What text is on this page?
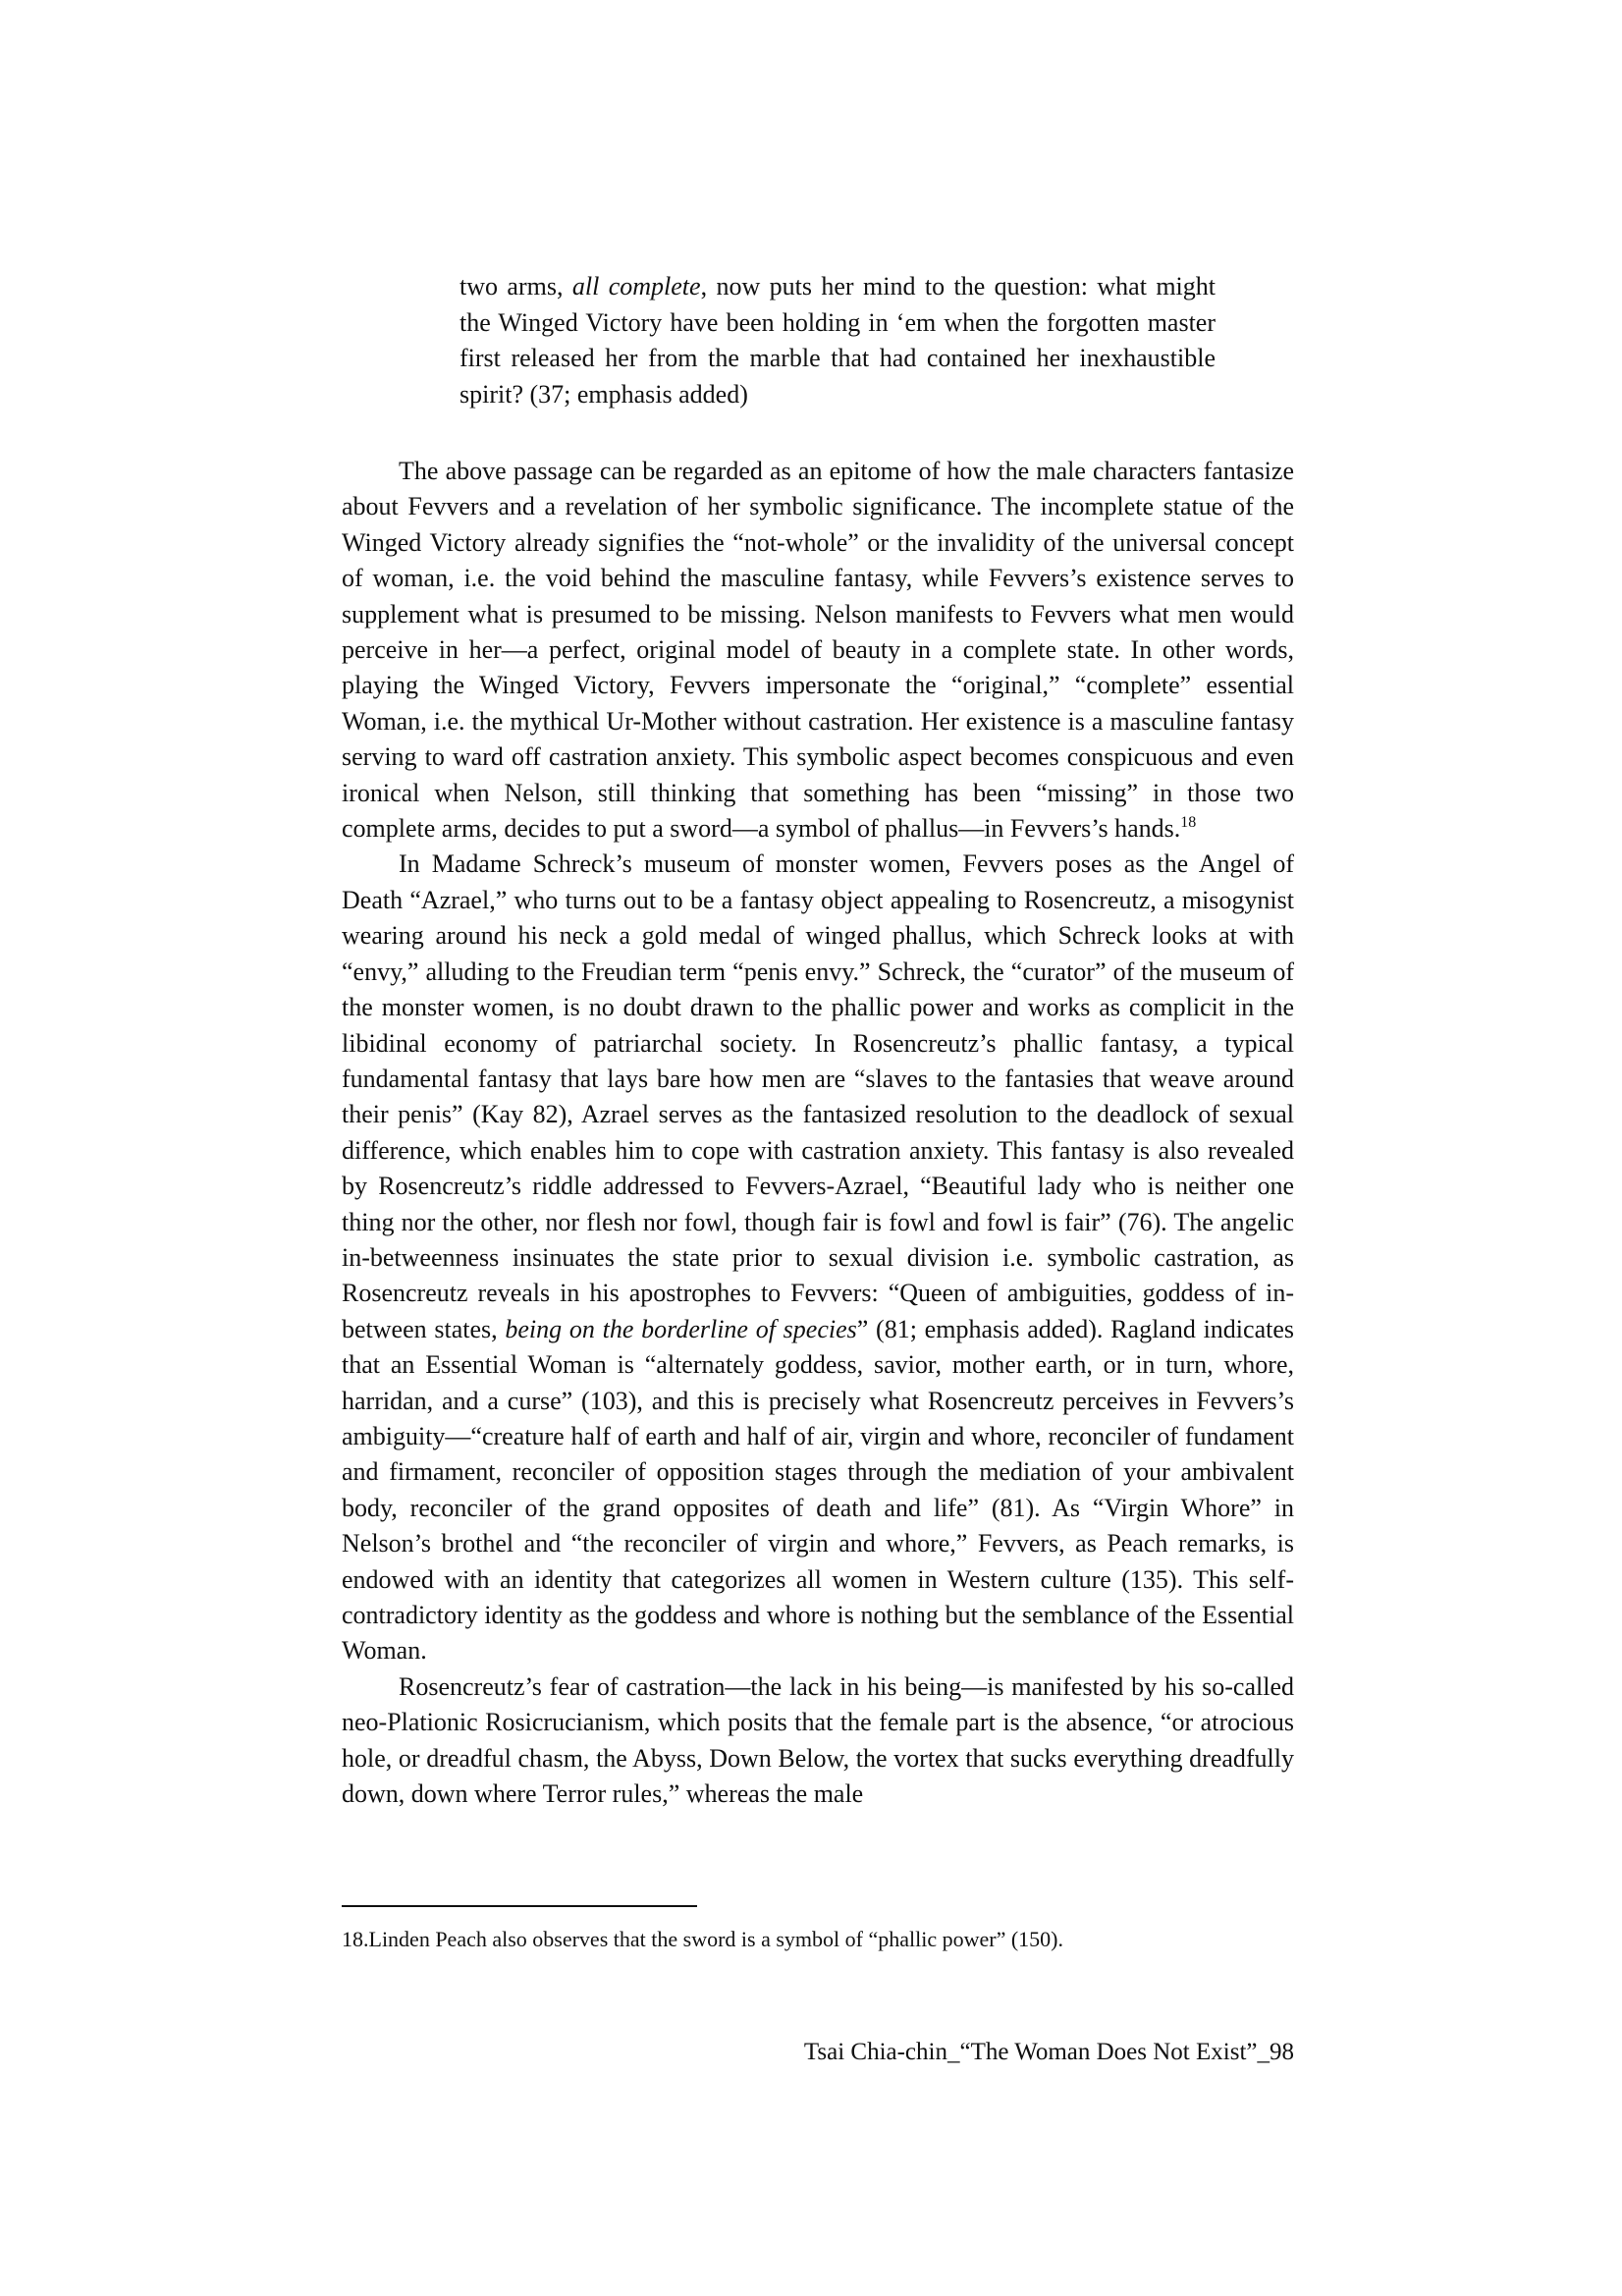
two arms, all complete, now puts her mind to the question: what might the Winged Victory have been holding in ‘em when the forgotten master first released her from the marble that had contained her inexhaustible spirit? (37; emphasis added)

The above passage can be regarded as an epitome of how the male characters fantasize about Fevvers and a revelation of her symbolic significance. The incomplete statue of the Winged Victory already signifies the “not-whole” or the invalidity of the universal concept of woman, i.e. the void behind the masculine fantasy, while Fevvers’s existence serves to supplement what is presumed to be missing. Nelson manifests to Fevvers what men would perceive in her—a perfect, original model of beauty in a complete state. In other words, playing the Winged Victory, Fevvers impersonate the “original,” “complete” essential Woman, i.e. the mythical Ur-Mother without castration. Her existence is a masculine fantasy serving to ward off castration anxiety. This symbolic aspect becomes conspicuous and even ironical when Nelson, still thinking that something has been “missing” in those two complete arms, decides to put a sword—a symbol of phallus—in Fevvers’s hands.$^{18}$

In Madame Schreck’s museum of monster women, Fevvers poses as the Angel of Death “Azrael,” who turns out to be a fantasy object appealing to Rosencreutz, a misogynist wearing around his neck a gold medal of winged phallus, which Schreck looks at with “envy,” alluding to the Freudian term “penis envy.” Schreck, the “curator” of the museum of the monster women, is no doubt drawn to the phallic power and works as complicit in the libidinal economy of patriarchal society. In Rosencreutz’s phallic fantasy, a typical fundamental fantasy that lays bare how men are “slaves to the fantasies that weave around their penis” (Kay 82), Azrael serves as the fantasized resolution to the deadlock of sexual difference, which enables him to cope with castration anxiety. This fantasy is also revealed by Rosencreutz’s riddle addressed to Fevvers-Azrael, “Beautiful lady who is neither one thing nor the other, nor flesh nor fowl, though fair is fowl and fowl is fair” (76). The angelic in-betweenness insinuates the state prior to sexual division i.e. symbolic castration, as Rosencreutz reveals in his apostrophes to Fevvers: “Queen of ambiguities, goddess of in-between states, being on the borderline of species” (81; emphasis added). Ragland indicates that an Essential Woman is “alternately goddess, savior, mother earth, or in turn, whore, harridan, and a curse” (103), and this is precisely what Rosencreutz perceives in Fevvers’s ambiguity—“creature half of earth and half of air, virgin and whore, reconciler of fundament and firmament, reconciler of opposition stages through the mediation of your ambivalent body, reconciler of the grand opposites of death and life” (81). As “Virgin Whore” in Nelson’s brothel and “the reconciler of virgin and whore,” Fevvers, as Peach remarks, is endowed with an identity that categorizes all women in Western culture (135). This self-contradictory identity as the goddess and whore is nothing but the semblance of the Essential Woman.

Rosencreutz’s fear of castration—the lack in his being—is manifested by his so-called neo-Plationic Rosicrucianism, which posits that the female part is the absence, “or atrocious hole, or dreadful chasm, the Abyss, Down Below, the vortex that sucks everything dreadfully down, down where Terror rules,” whereas the male

18.Linden Peach also observes that the sword is a symbol of “phallic power” (150).

Tsai Chia-chin_“The Woman Does Not Exist”_98
